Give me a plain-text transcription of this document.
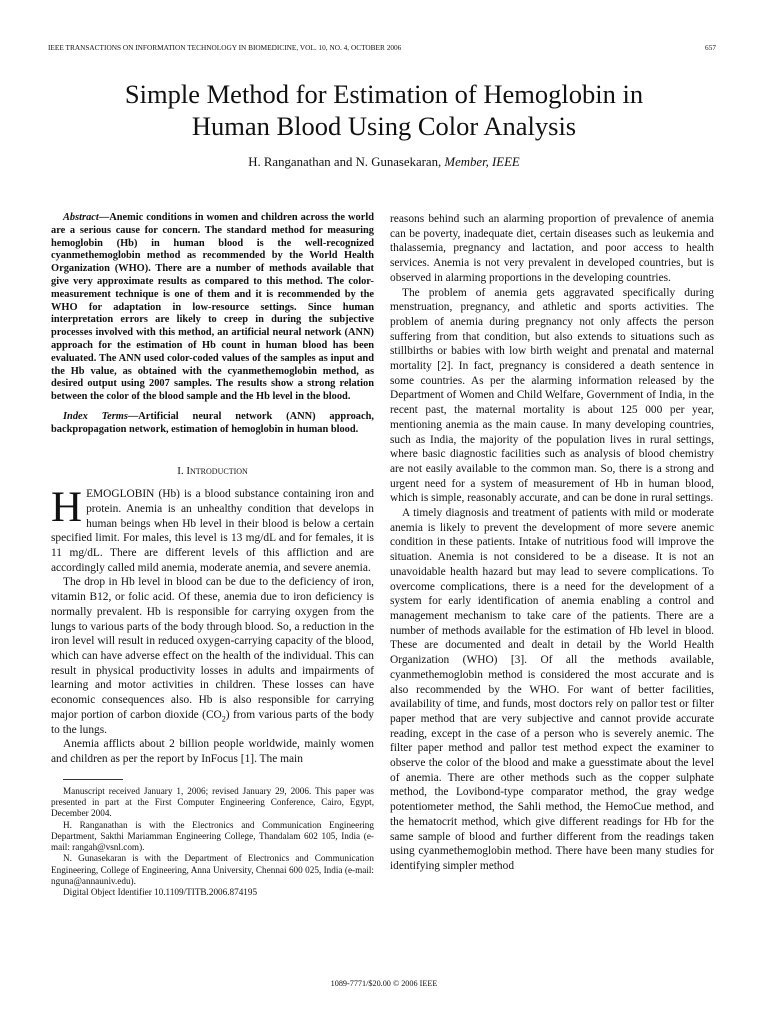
IEEE TRANSACTIONS ON INFORMATION TECHNOLOGY IN BIOMEDICINE, VOL. 10, NO. 4, OCTOBER 2006	657
Simple Method for Estimation of Hemoglobin in
Human Blood Using Color Analysis
H. Ranganathan and N. Gunasekaran, Member, IEEE

Abstract—Anemic conditions in women and children across the world are a serious cause for concern. The standard method for measuring hemoglobin (Hb) in human blood is the well-recognized cyanmethemoglobin method as recommended by the World Health Organization (WHO). There are a number of methods available that give very approximate results as compared to this method. The color-measurement technique is one of them and it is recommended by the WHO for adaptation in low-resource settings. Since human interpretation errors are likely to creep in during the subjective processes involved with this method, an artificial neural network (ANN) approach for the estimation of Hb count in human blood has been evaluated. The ANN used color-coded values of the samples as input and the Hb value, as obtained with the cyanmethemoglobin method, as desired output using 2007 samples. The results show a strong relation between the color of the blood sample and the Hb level in the blood.

Index Terms—Artificial neural network (ANN) approach, backpropagation network, estimation of hemoglobin in human blood.

I. Introduction

HEMOGLOBIN (Hb) is a blood substance containing iron and protein. Anemia is an unhealthy condition that develops in human beings when Hb level in their blood is below a certain specified limit. For males, this level is 13 mg/dL and for females, it is 11 mg/dL. There are different levels of this affliction and are accordingly called mild anemia, moderate anemia, and severe anemia.

The drop in Hb level in blood can be due to the deficiency of iron, vitamin B12, or folic acid. Of these, anemia due to iron deficiency is normally prevalent. Hb is responsible for carrying oxygen from the lungs to various parts of the body through blood. So, a reduction in the iron level will result in reduced oxygen-carrying capacity of the blood, which can have adverse effect on the health of the individual. This can result in physical productivity losses in adults and impairments of learning and motor activities in children. These losses can have economic consequences also. Hb is also responsible for carrying major portion of carbon dioxide $(CO_2)$ from various parts of the body to the lungs.

Anemia afflicts about 2 billion people worldwide, mainly women and children as per the report by InFocus [1]. The main

Manuscript received January 1, 2006; revised January 29, 2006. This paper was presented in part at the First Computer Engineering Conference, Cairo, Egypt, December 2004.

H. Ranganathan is with the Electronics and Communication Engineering Department, Sakthi Mariamman Engineering College, Thandalam 602 105, India (e-mail: rangah@vsnl.com).

N. Gunasekaran is with the Department of Electronics and Communication Engineering, College of Engineering, Anna University, Chennai 600 025, India (e-mail: nguna@annauniv.edu).

Digital Object Identifier 10.1109/TITB.2006.874195

reasons behind such an alarming proportion of prevalence of anemia can be poverty, inadequate diet, certain diseases such as leukemia and thalassemia, pregnancy and lactation, and poor access to health services. Anemia is not very prevalent in developed countries, but is observed in alarming proportions in the developing countries.

The problem of anemia gets aggravated specifically during menstruation, pregnancy, and athletic and sports activities. The problem of anemia during pregnancy not only affects the person suffering from that condition, but also extends to situations such as stillbirths or babies with low birth weight and prenatal and maternal mortality [2]. In fact, pregnancy is considered a death sentence in some countries. As per the alarming information released by the Department of Women and Child Welfare, Government of India, in the recent past, the maternal mortality is about 125 000 per year, mentioning anemia as the main cause. In many developing countries, such as India, the majority of the population lives in rural settings, where basic diagnostic facilities such as analysis of blood chemistry are not easily available to the common man. So, there is a strong and urgent need for a system of measurement of Hb in human blood, which is simple, reasonably accurate, and can be done in rural settings.

A timely diagnosis and treatment of patients with mild or moderate anemia is likely to prevent the development of more severe anemic condition in these patients. Intake of nutritious food will improve the situation. Anemia is not considered to be a disease. It is not an unavoidable health hazard but may lead to severe complications. To overcome complications, there is a need for the development of a system for early identification of anemia enabling a control and management mechanism to take care of the patients. There are a number of methods available for the estimation of Hb level in blood. These are documented and dealt in detail by the World Health Organization (WHO) [3]. Of all the methods available, cyanmethemoglobin method is considered the most accurate and is also recommended by the WHO. For want of better facilities, availability of time, and funds, most doctors rely on pallor test or filter paper method that are very subjective and cannot provide accurate reading, except in the case of a person who is severely anemic. The filter paper method and pallor test method expect the examiner to observe the color of the blood and make a guesstimate about the level of anemia. There are other methods such as the copper sulphate method, the Lovibond-type comparator method, the gray wedge potentiometer method, the Sahli method, the HemoCue method, and the hematocrit method, which give different readings for Hb for the same sample of blood and further different from the readings taken using cyanmethemoglobin method. There have been many studies for identifying simpler method

1089-7771/$20.00 © 2006 IEEE
